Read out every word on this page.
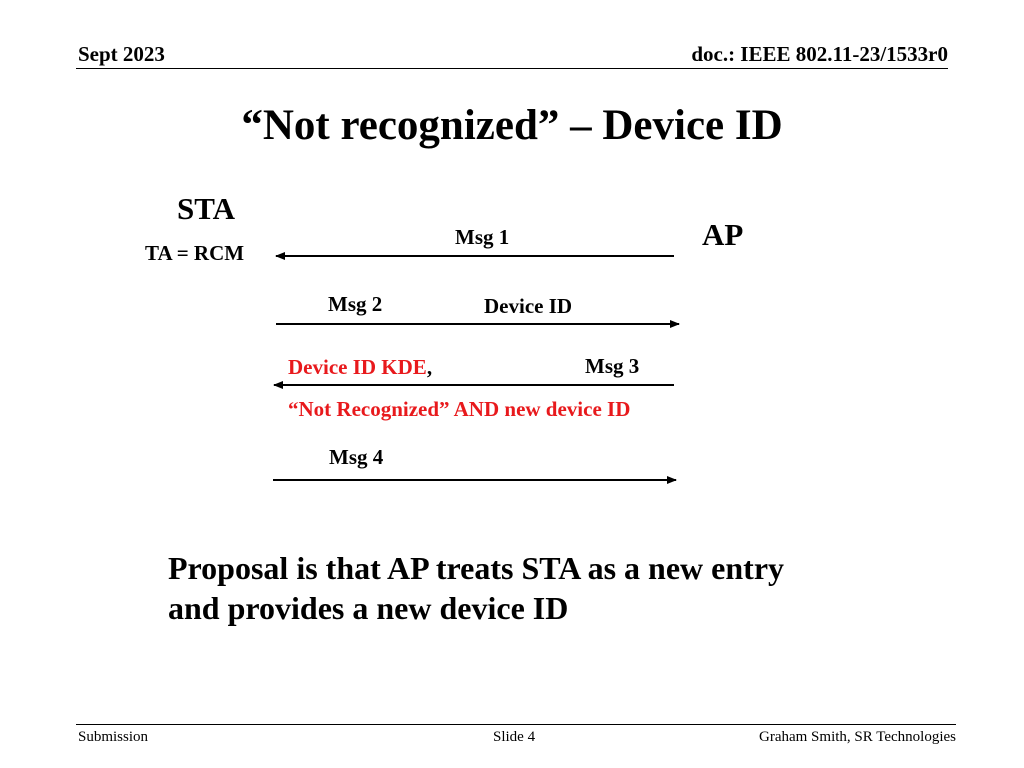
Sept 2023	doc.: IEEE 802.11-23/1533r0
“Not recognized” – Device ID
STA
AP
TA = RCM
Msg 1
Msg 2	Device ID
Device ID KDE,	Msg 3
“Not Recognized” AND new device ID
Msg 4
Proposal is that AP treats STA as a new entry
and provides a new device ID
Submission	Slide 4	Graham Smith, SR Technologies
